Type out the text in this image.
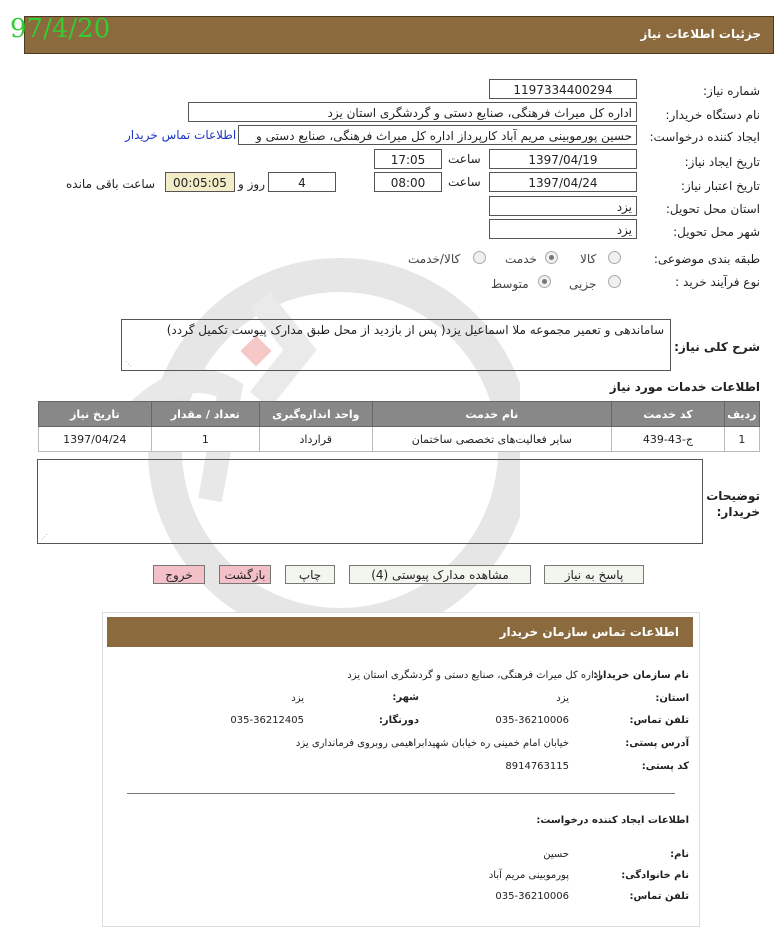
جزئیات اطلاعات نیاز
97/4/20
شماره نیاز:
1197334400294
نام دستگاه خریدار:
اداره کل میراث فرهنگی، صنایع دستی و گردشگری استان یزد
ایجاد کننده درخواست:
حسین پورموبینی مریم آباد کارپرداز اداره کل میراث فرهنگی، صنایع دستی و
اطلاعات تماس خریدار
تاریخ ایجاد نیاز:
1397/04/19
ساعت
17:05
تاریخ اعتبار نیاز:
1397/04/24
ساعت
08:00
4
روز و
00:05:05
ساعت باقی مانده
استان محل تحویل:
یزد
شهر محل تحویل:
یزد
طبقه بندی موضوعی:
کالا
خدمت
کالا/خدمت
نوع فرآیند خرید :
جزیی
متوسط
شرح کلی نیاز:
ساماندهی و تعمیر مجموعه ملا اسماعیل یزد( پس از بازدید از محل طبق مدارک پیوست تکمیل گردد)
⋰
اطلاعات خدمات مورد نیاز
ردیف	کد خدمت	نام خدمت	واحد اندازه‌گیری	تعداد / مقدار	تاریخ نیاز
1	ج-43-439	سایر فعالیت‌های تخصصی ساختمان	قرارداد	1	1397/04/24
توضیحات خریدار:
⋰
پاسخ به نیاز
مشاهده مدارک پیوستی (4)
چاپ
بازگشت
خروج
اطلاعات تماس سازمان خریدار
نام سازمان خریدار:
اداره کل میراث فرهنگی، صنایع دستی و گردشگری استان یزد
استان:
یزد
شهر:
یزد
تلفن تماس:
035-36210006
دورنگار:
035-36212405
آدرس پستی:
خیابان امام خمینی ره خیابان شهیدابراهیمی روبروی فرمانداری یزد
کد پستی:
8914763115
اطلاعات ایجاد کننده درخواست:
نام:
حسین
نام خانوادگی:
پورموبینی مریم آباد
تلفن تماس:
035-36210006
